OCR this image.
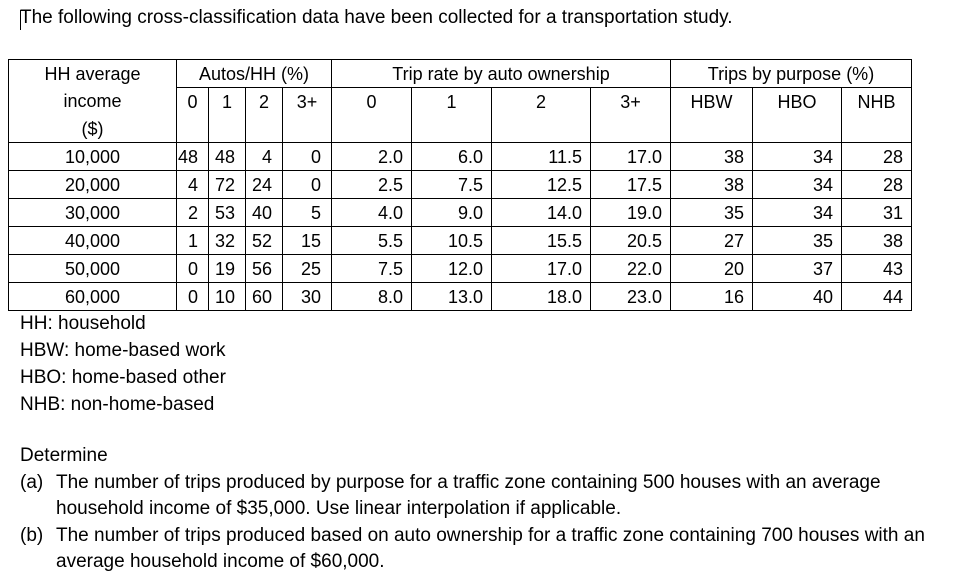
The following cross-classification data have been collected for a transportation study.
HH average	Autos/HH (%)				Trip rate by auto ownership				Trips by purpose (%)		
income	0	1	2	3+	0	1	2	3+	HBW	HBO	NHB
($)											
10,000	48	48	4	0	2.0	6.0	11.5	17.0	38	34	28
20,000	4	72	24	0	2.5	7.5	12.5	17.5	38	34	28
30,000	2	53	40	5	4.0	9.0	14.0	19.0	35	34	31
40,000	1	32	52	15	5.5	10.5	15.5	20.5	27	35	38
50,000	0	19	56	25	7.5	12.0	17.0	22.0	20	37	43
60,000	0	10	60	30	8.0	13.0	18.0	23.0	16	40	44
HH: household
HBW: home-based work
HBO: home-based other
NHB: non-home-based
Determine
(a) The number of trips produced by purpose for a traffic zone containing 500 houses with an average household income of $35,000. Use linear interpolation if applicable.
(b) The number of trips produced based on auto ownership for a traffic zone containing 700 houses with an average household income of $60,000.
